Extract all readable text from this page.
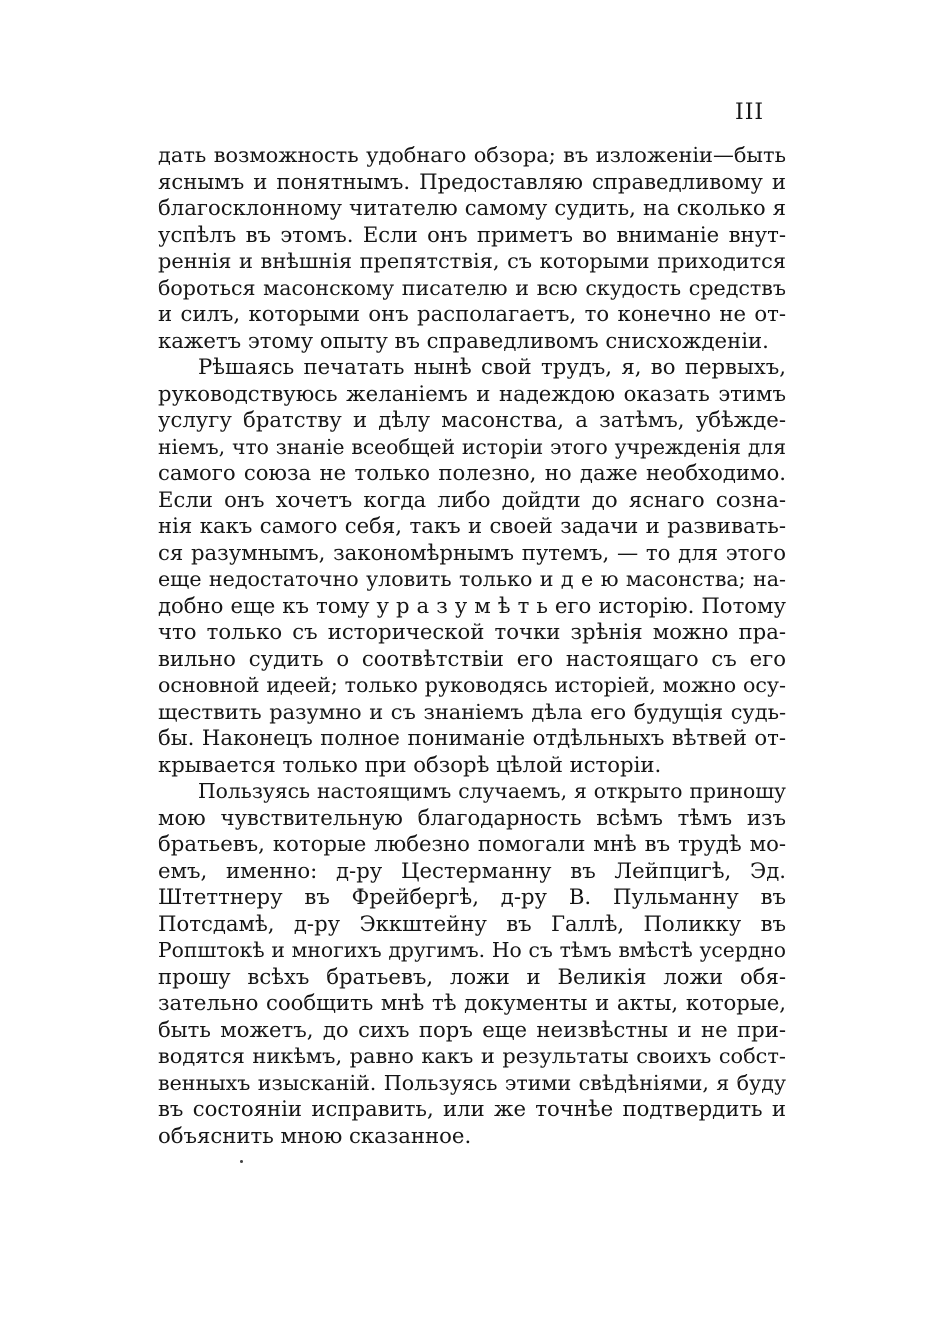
III
дать возможность удобнаго обзора; въ изложенiи—быть
яснымъ и понятнымъ. Предоставляю справедливому и
благосклонному читателю самому судить, на сколько я
успѣлъ въ этомъ. Если онъ приметъ во вниманіе внут-
реннія и внѣшнія препятствія, съ которыми приходится
бороться масонскому писателю и всю скудость средствъ
и силъ, которыми онъ располагаетъ, то конечно не от-
кажетъ этому опыту въ справедливомъ снисхожденіи.
Рѣшаясь печатать нынѣ свой трудъ, я, во первыхъ,
руководствуюсь желаніемъ и надеждою оказать этимъ
услугу братству и дѣлу масонства, а затѣмъ, убѣжде-
ніемъ, что знаніе всеобщей исторіи этого учрежденія для
самого союза не только полезно, но даже необходимо.
Если онъ хочетъ когда либо дойдти до яснаго созна-
нія какъ самого себя, такъ и своей задачи и развивать-
ся разумнымъ, закономѣрнымъ путемъ, — то для этого
еще недостаточно уловить только и д е ю масонства; на-
добно еще къ тому у р а з у м ѣ т ь его исторію. Потому
что только съ исторической точки зрѣнія можно пра-
вильно судить о соотвѣтствіи его настоящаго съ его
основной идеей; только руководясь исторіей, можно осу-
ществить разумно и съ знаніемъ дѣла его будущія судь-
бы. Наконецъ полное пониманіе отдѣльныхъ вѣтвей от-
крывается только при обзорѣ цѣлой исторіи.
Пользуясь настоящимъ случаемъ, я открыто приношу
мою чувствительную благодарность всѣмъ тѣмъ изъ
братьевъ, которые любезно помогали мнѣ въ трудѣ мо-
емъ, именно: д-ру Цестерманну въ Лейпцигѣ, Эд.
Штеттнеру въ Фрейбергѣ, д-ру В. Пульманну въ
Потсдамѣ, д-ру Эккштейну въ Галлѣ, Поликку въ
Ропштокѣ и многихъ другимъ. Но съ тѣмъ вмѣстѣ усердно
прошу всѣхъ братьевъ, ложи и Великія ложи обя-
зательно сообщить мнѣ тѣ документы и акты, которые,
быть можетъ, до сихъ поръ еще неизвѣстны и не при-
водятся никѣмъ, равно какъ и результаты своихъ собст-
венныхъ изысканій. Пользуясь этими свѣдѣніями, я буду
въ состояніи исправить, или же точнѣе подтвердить и
объяснить мною сказанное.
